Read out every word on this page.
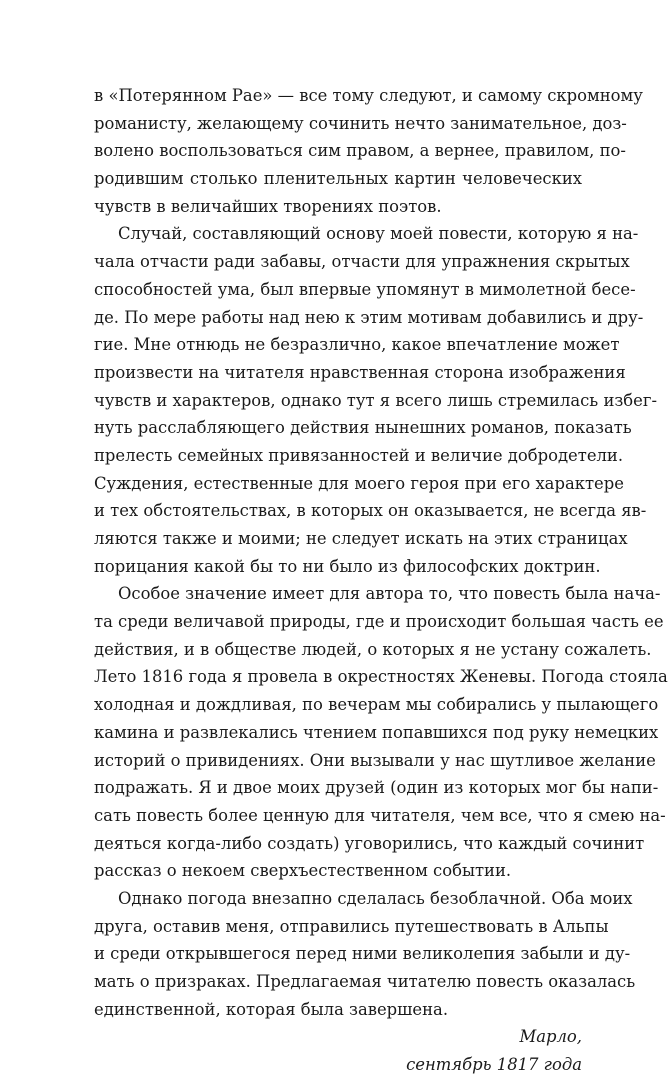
в «Потерянном Рае» — все тому следуют, и самому скромному
романисту, желающему сочинить нечто занимательное, доз-
волено воспользоваться сим правом, а вернее, правилом, по-
родившим столько пленительных картин человеческих
чувств в величайших творениях поэтов.
Случай, составляющий основу моей повести, которую я на-
чала отчасти ради забавы, отчасти для упражнения скрытых
способностей ума, был впервые упомянут в мимолетной бесе-
де. По мере работы над нею к этим мотивам добавились и дру-
гие. Мне отнюдь не безразлично, какое впечатление может
произвести на читателя нравственная сторона изображения
чувств и характеров, однако тут я всего лишь стремилась избег-
нуть расслабляющего действия нынешних романов, показать
прелесть семейных привязанностей и величие добродетели.
Суждения, естественные для моего героя при его характере
и тех обстоятельствах, в которых он оказывается, не всегда яв-
ляются также и моими; не следует искать на этих страницах
порицания какой бы то ни было из философских доктрин.
Особое значение имеет для автора то, что повесть была нача-
та среди величавой природы, где и происходит большая часть ее
действия, и в обществе людей, о которых я не устану сожалеть.
Лето 1816 года я провела в окрестностях Женевы. Погода стояла
холодная и дождливая, по вечерам мы собирались у пылающего
камина и развлекались чтением попавшихся под руку немецких
историй о привидениях. Они вызывали у нас шутливое желание
подражать. Я и двое моих друзей (один из которых мог бы напи-
сать повесть более ценную для читателя, чем все, что я смею на-
деяться когда-либо создать) уговорились, что каждый сочинит
рассказ о некоем сверхъестественном событии.
Однако погода внезапно сделалась безоблачной. Оба моих
друга, оставив меня, отправились путешествовать в Альпы
и среди открывшегося перед ними великолепия забыли и ду-
мать о призраках. Предлагаемая читателю повесть оказалась
единственной, которая была завершена.
Марло,
сентябрь 1817 года
